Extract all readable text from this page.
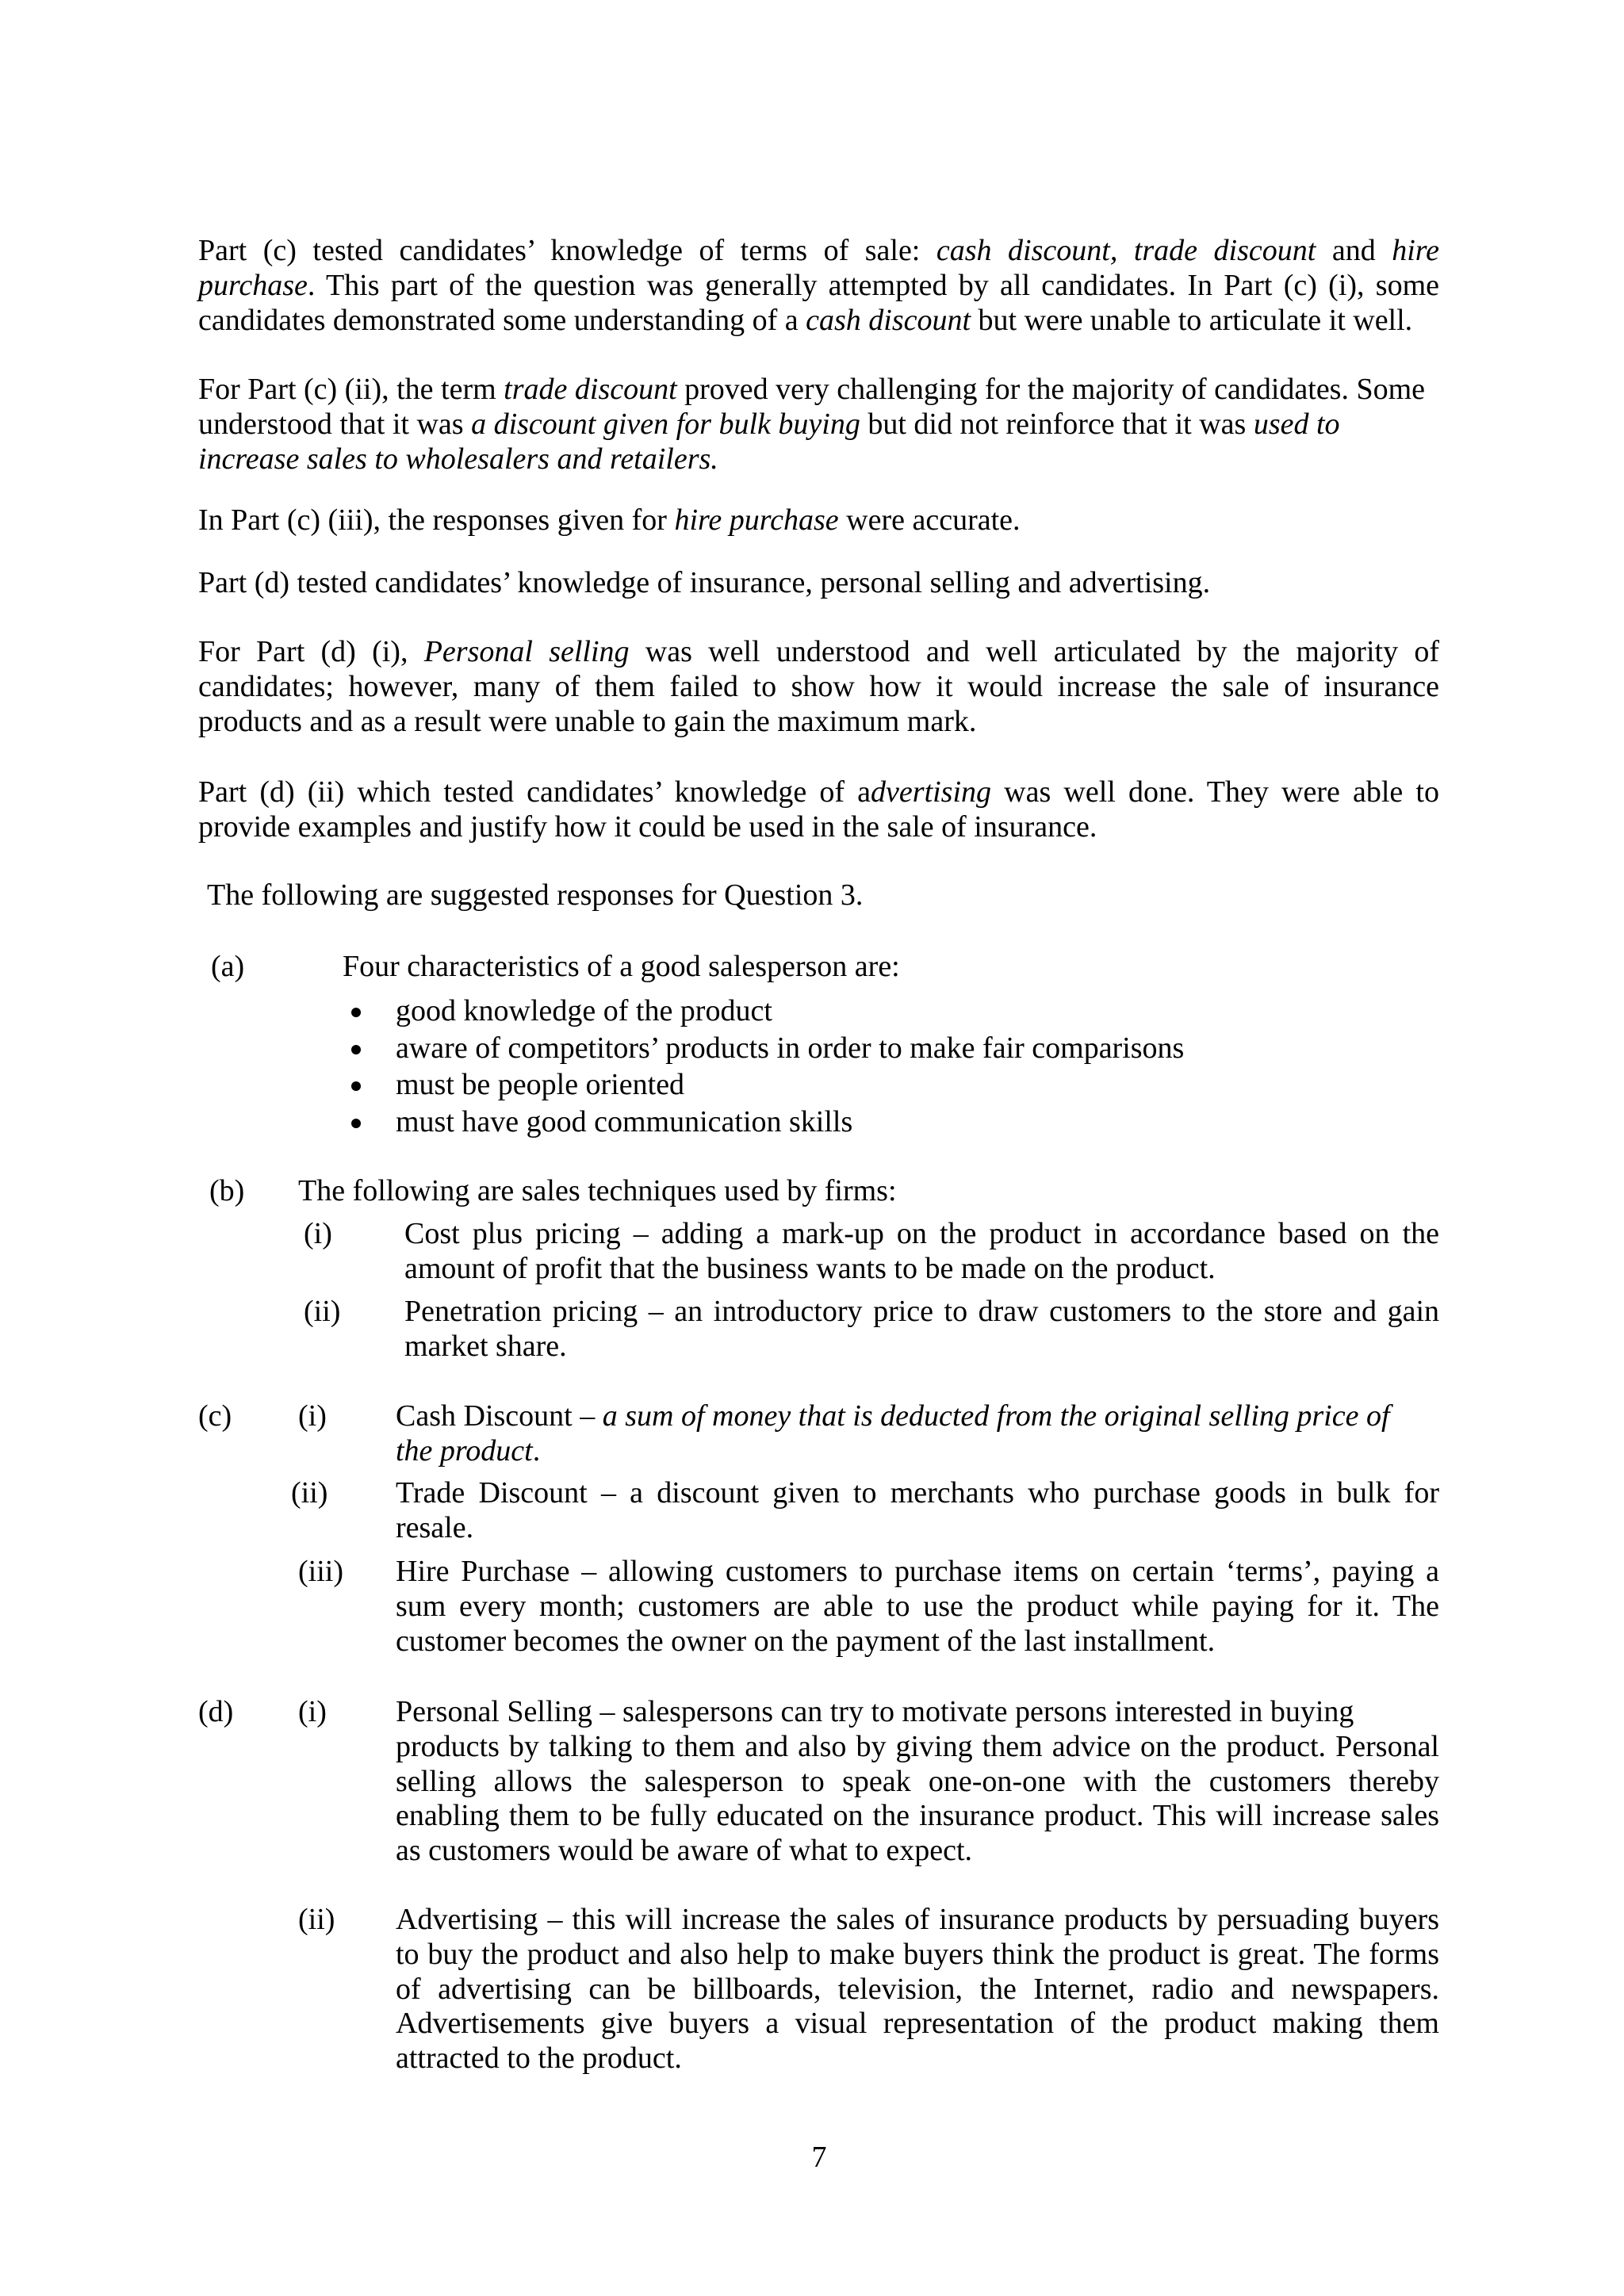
Part (c) tested candidates’ knowledge of terms of sale: cash discount, trade discount and hire
purchase. This part of the question was generally attempted by all candidates. In Part (c) (i), some
candidates demonstrated some understanding of a cash discount but were unable to articulate it well.
For Part (c) (ii), the term trade discount proved very challenging for the majority of candidates. Some
understood that it was a discount given for bulk buying but did not reinforce that it was used to
increase sales to wholesalers and retailers.
In Part (c) (iii), the responses given for hire purchase were accurate.
Part (d) tested candidates’ knowledge of insurance, personal selling and advertising.
For Part (d) (i), Personal selling was well understood and well articulated by the majority of
candidates; however, many of them failed to show how it would increase the sale of insurance
products and as a result were unable to gain the maximum mark.
Part (d) (ii) which tested candidates’ knowledge of advertising was well done. They were able to
provide examples and justify how it could be used in the sale of insurance.
The following are suggested responses for Question 3.
(a)	Four characteristics of a good salesperson are:
good knowledge of the product
aware of competitors’ products in order to make fair comparisons
must be people oriented
must have good communication skills
(b) The following are sales techniques used by firms:
(i) Cost plus pricing – adding a mark-up on the product in accordance based on the
amount of profit that the business wants to be made on the product.
(ii) Penetration pricing – an introductory price to draw customers to the store and gain
market share.
(c) (i) Cash Discount – a sum of money that is deducted from the original selling price of
the product.
(ii) Trade Discount – a discount given to merchants who purchase goods in bulk for
resale.
(iii) Hire Purchase – allowing customers to purchase items on certain ‘terms’, paying a
sum every month; customers are able to use the product while paying for it. The
customer becomes the owner on the payment of the last installment.
(d) (i) Personal Selling – salespersons can try to motivate persons interested in buying
products by talking to them and also by giving them advice on the product. Personal
selling allows the salesperson to speak one-on-one with the customers thereby
enabling them to be fully educated on the insurance product. This will increase sales
as customers would be aware of what to expect.
(ii) Advertising – this will increase the sales of insurance products by persuading buyers
to buy the product and also help to make buyers think the product is great. The forms
of advertising can be billboards, television, the Internet, radio and newspapers.
Advertisements give buyers a visual representation of the product making them
attracted to the product.
7
